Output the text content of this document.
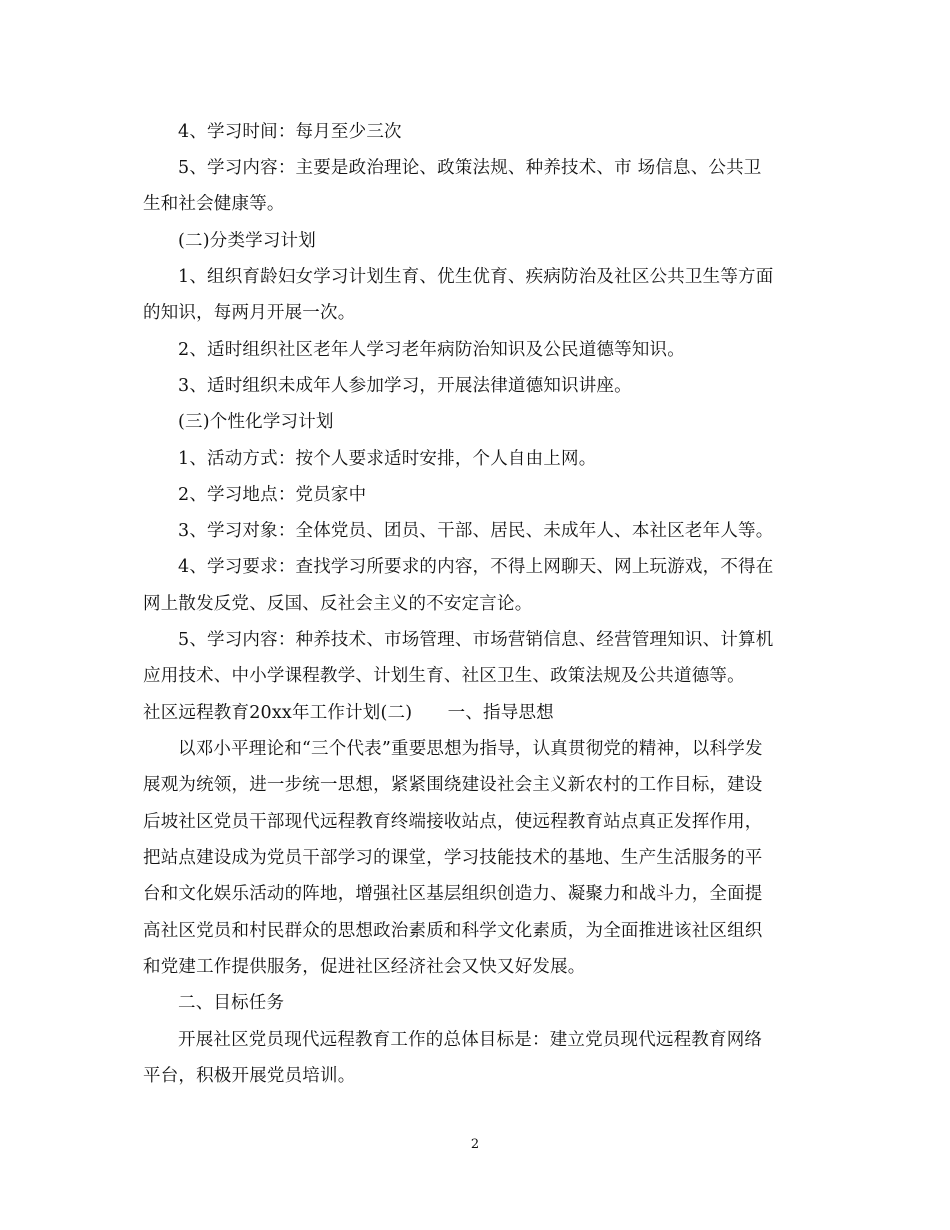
4、学习时间：每月至少三次
5、学习内容：主要是政治理论、政策法规、种养技术、市 场信息、公共卫
生和社会健康等。
(二)分类学习计划
1、组织育龄妇女学习计划生育、优生优育、疾病防治及社区公共卫生等方面
的知识，每两月开展一次。
2、适时组织社区老年人学习老年病防治知识及公民道德等知识。
3、适时组织未成年人参加学习，开展法律道德知识讲座。
(三)个性化学习计划
1、活动方式：按个人要求适时安排，个人自由上网。
2、学习地点：党员家中
3、学习对象：全体党员、团员、干部、居民、未成年人、本社区老年人等。
4、学习要求：查找学习所要求的内容，不得上网聊天、网上玩游戏，不得在
网上散发反党、反国、反社会主义的不安定言论。
5、学习内容：种养技术、市场管理、市场营销信息、经营管理知识、计算机
应用技术、中小学课程教学、计划生育、社区卫生、政策法规及公共道德等。
社区远程教育20xx年工作计划(二)　　一、指导思想
以邓小平理论和“三个代表”重要思想为指导，认真贯彻党的精神，以科学发
展观为统领，进一步统一思想，紧紧围绕建设社会主义新农村的工作目标，建设
后坡社区党员干部现代远程教育终端接收站点，使远程教育站点真正发挥作用，
把站点建设成为党员干部学习的课堂，学习技能技术的基地、生产生活服务的平
台和文化娱乐活动的阵地，增强社区基层组织创造力、凝聚力和战斗力，全面提
高社区党员和村民群众的思想政治素质和科学文化素质，为全面推进该社区组织
和党建工作提供服务，促进社区经济社会又快又好发展。
二、目标任务
开展社区党员现代远程教育工作的总体目标是：建立党员现代远程教育网络
平台，积极开展党员培训。
2
